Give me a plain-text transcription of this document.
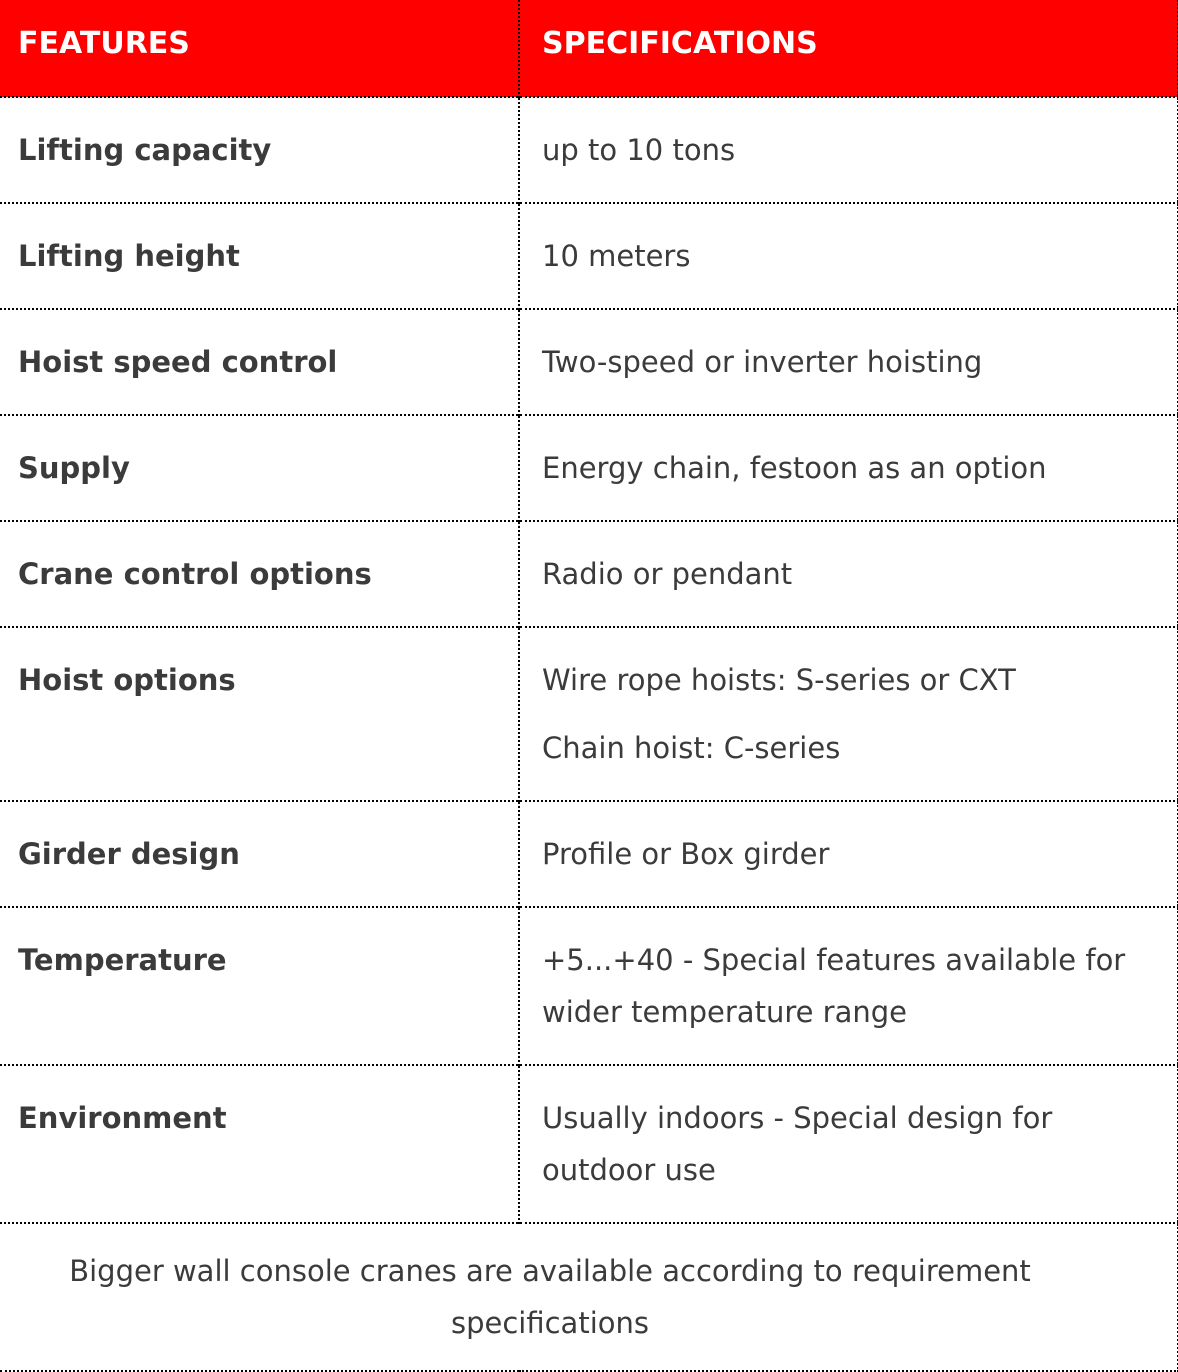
FEATURES	SPECIFICATIONS

Lifting capacity	up to 10 tons

Lifting height	10 meters

Hoist speed control	Two-speed or inverter hoisting

Supply	Energy chain, festoon as an option

Crane control options	Radio or pendant

Hoist options	Wire rope hoists: S-series or CXT

Chain hoist: C-series

Girder design	Profile or Box girder

Temperature	+5...+40 - Special features available for wider temperature range

Environment	Usually indoors - Special design for outdoor use

Bigger wall console cranes are available according to requirement specifications	
